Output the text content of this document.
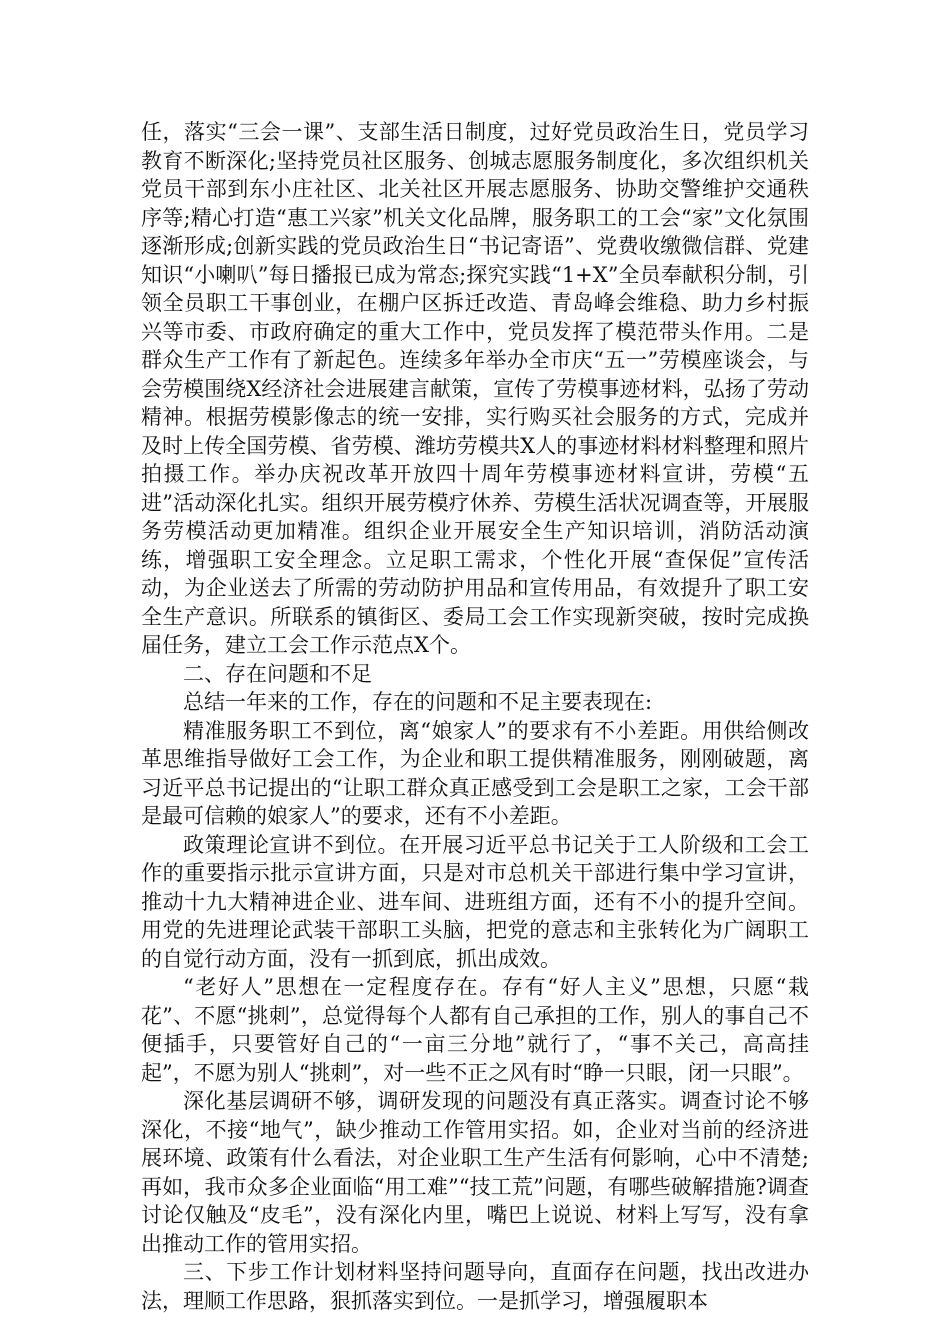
任，落实“三会一课”、支部生活日制度，过好党员政治生日，党员学习教育不断深化;坚持党员社区服务、创城志愿服务制度化，多次组织机关党员干部到东小庄社区、北关社区开展志愿服务、协助交警维护交通秩序等;精心打造“惠工兴家”机关文化品牌，服务职工的工会“家”文化氛围逐渐形成;创新实践的党员政治生日“书记寄语”、党费收缴微信群、党建知识“小喇叭”每日播报已成为常态;探究实践“1+X”全员奉献积分制，引领全员职工干事创业，在棚户区拆迁改造、青岛峰会维稳、助力乡村振兴等市委、市政府确定的重大工作中，党员发挥了模范带头作用。二是群众生产工作有了新起色。连续多年举办全市庆“五一”劳模座谈会，与会劳模围绕X经济社会进展建言献策，宣传了劳模事迹材料，弘扬了劳动精神。根据劳模影像志的统一安排，实行购买社会服务的方式，完成并及时上传全国劳模、省劳模、潍坊劳模共X人的事迹材料材料整理和照片拍摄工作。举办庆祝改革开放四十周年劳模事迹材料宣讲，劳模“五进”活动深化扎实。组织开展劳模疗休养、劳模生活状况调查等，开展服务劳模活动更加精准。组织企业开展安全生产知识培训，消防活动演练，增强职工安全理念。立足职工需求，个性化开展“查保促”宣传活动，为企业送去了所需的劳动防护用品和宣传用品，有效提升了职工安全生产意识。所联系的镇街区、委局工会工作实现新突破，按时完成换届任务，建立工会工作示范点X个。

二、存在问题和不足

总结一年来的工作，存在的问题和不足主要表现在:

精准服务职工不到位，离“娘家人”的要求有不小差距。用供给侧改革思维指导做好工会工作，为企业和职工提供精准服务，刚刚破题，离习近平总书记提出的“让职工群众真正感受到工会是职工之家，工会干部是最可信赖的娘家人”的要求，还有不小差距。

政策理论宣讲不到位。在开展习近平总书记关于工人阶级和工会工作的重要指示批示宣讲方面，只是对市总机关干部进行集中学习宣讲，推动十九大精神进企业、进车间、进班组方面，还有不小的提升空间。用党的先进理论武装干部职工头脑，把党的意志和主张转化为广阔职工的自觉行动方面，没有一抓到底，抓出成效。

“老好人”思想在一定程度存在。存有“好人主义”思想，只愿“栽花”、不愿“挑刺”，总觉得每个人都有自己承担的工作，别人的事自己不便插手，只要管好自己的“一亩三分地”就行了，“事不关己，高高挂起”，不愿为别人“挑刺”，对一些不正之风有时“睁一只眼，闭一只眼”。

深化基层调研不够，调研发现的问题没有真正落实。调查讨论不够深化，不接“地气”，缺少推动工作管用实招。如，企业对当前的经济进展环境、政策有什么看法，对企业职工生产生活有何影响，心中不清楚;再如，我市众多企业面临“用工难”“技工荒”问题，有哪些破解措施?调查讨论仅触及“皮毛”，没有深化内里，嘴巴上说说、材料上写写，没有拿出推动工作的管用实招。

三、下步工作计划材料坚持问题导向，直面存在问题，找出改进办法，理顺工作思路，狠抓落实到位。一是抓学习，增强履职本
